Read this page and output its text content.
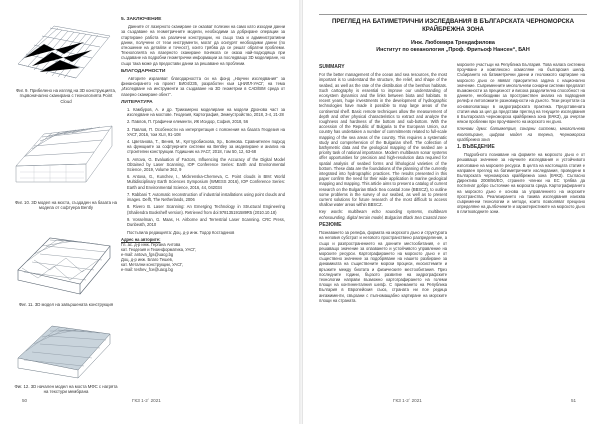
Фиг. 9. Прибелено на изгляд на 3D конструкцията, първоначално сканирана с технологията Point Cloud
Фиг. 10. 3D модел на моста, създаден на базата на модела от софтуера Bently
Фиг. 11. 3D модел на завършената конструкция
Фиг. 12. 3D начален модел на моста МФС с нагрята на текстури мембрана
5. ЗАКЛЮЧЕНИЕ

Данните от лазерното сканиране се оказват полезни на само като изходни данни за създаване на геометричните модели, необходими за добриране операции за стартиране работа на различни конструкции, но също така и административни данни, получени от тези инструменти, могат да осигурят необходими данни (по отношение на детайли и точност), които трябва да се решат обратни проблеми. Технологията на лазерното сканиране понякога се оказа най-подходяща при създаване на подробни геометрични информации за последващо 3D моделиране, но също така може да предостави данни за решаване на проблеми.

БЛАГОДАРНОСТИ

Авторите изразяват благодарността си на фонд „Научни изследвания“ за финансирането на проект БИ04/235, разработен към ЦНИЛЛ-УАСГ, на тема „Изследване на инструменти за създаване на 3D геометрии в CAD/BIM среда от лазерно сканиране обект“.

ЛИТЕРАТУРА

1. Камбуров, А. и др. Триизмерно моделиране на модели Дронова част за изследване на мостове. Геодезия, Картография, Земеустройство, 2018, 3-4, 21-28

2. Павлов, П. Графични елементи, ИК Исидор, София, 2018, 56

3. Павлов, П. Особености на интерпретация с пояснения на базата Геодезия на УАСГ, 2016, том XLII, 91-108

4. Цветанова, Т., Венев, М., Културобискова, Хр., Боянова. Сравнителен подход на функциите за софтуерните системи на Bentley за моделиране и анализ на строителни конструкции. Годишник на УАСГ, 2018, том 50, 12, 63-68

5. Antova, G. Evaluation of Factors, Influencing the Accuracy of the Digital Model Obtained by Laser Scanning, IOP Conference Series: Earth and Environmental Science, 2019, Volume 362, 9

6. Antova, G., Kunchev, I., Mickrenska-Cherneva, C. Point clouds in BIM: World Multidisciplinary Earth Sciences Symposium (WMESS 2016), IOP Conference Series: Earth and Environmental Science, 2016, 44, 042034

7. Rabbani T. Automatic reconstruction of industrial installations using point clouds and images. Delft, The Netherlands, 2006

8. Rivero B. Laser Scanning: An Emerging Technology in Structural Engineering (Shailendra Bookshelf version). Retrieved from doi:978135191589R5 (2010.10.18)

9. Vosselman, G. Maas, H. Airborne and Terrestrial Laser Scanning. CRC Press, Dunbeath, 2010

Постъпила редакцията: Доц. д-р инж. Тодор Костадинов

Адрес на авторите:
Гл. ас. д-р инж. Гергана Антова
кат. Геодезия и Геоинформатика, УАСГ,
e-mail: antova_fgs@uacg.bg
Доц. д-р инж. Благо Тешев,
кат. Метални конструкции, УАСГ,
e-mail: teshev_fce@uacg.bg
50	ГКЗ 1-2` 2021
ПРЕГЛЕД НА БАТИМЕТРИЧНИ ИЗСЛЕДВАНИЯ В БЪЛГАРСКАТА ЧЕРНОМОРСКА КРАЙБРЕЖНА ЗОНА
Инж. Любомира Трендафилова
Институт по океанология „Проф. Фритьоф Нансен“, БАН
SUMMARY

For the better management of the ocean and sea resources, the most important is to understand the structure, the relief, and shape of the seabed, as well as the rate of the distribution of the benthos habitats. Such cartography is essential to improve our understanding of ecosystem dynamics and the links between biota and habitats. In recent years, huge investments in the development of hydrographic technologies have made it possible to map large areas of the continental shelf. Basic remote techniques allow the measurement of depth and other physical characteristics to extract and analyze the roughness and hardness of the bottom and sub-bottom. With the accession of the Republic of Bulgaria to the European Union, our country has undertaken a number of commitments related to full-scale mapping of the sea areas of the country. This requires a systematic study and comprehension of the Bulgarian shelf. The collection of bathymetric data and the geological mapping of the seabed are a priority task of national importance. Modern multibeam sonar systems offer opportunities for precision and high-resolution data required for spatial analysis of seabed forms and lithological varieties of the bottom. These data are the foundations of the planning of the currently integrated into hydrographic practices. The results presented in this paper confirm the need for their wide application in marine geological mapping and mapping. This article aims to present a catalog of current research on the Bulgarian Black Sea coastal zone (BBSCZ), to outline some problems in the survey of our seabed, as well as to present current solutions for future research of the most difficult to access shallow water areas within BBSCZ.

Key words: multibeam echo sounding systems, multibeam echosounding, digital terrain model, Bulgarian Black Sea Coastal zone

РЕЗЮМЕ

Познаването за релефа, формата на морското дъно и структурата на неговия субстрат и неговото пространствено разпределение, а също и разпространението на донните местообитания, е от решаващо значение за опазването и устойчивото управление на морските ресурси. Картографирането на морското дъно е от съществено значение за подобряване на нашето разбиране за динамиката на съществените морски процеси, екосистемите и връзките между биотата и физическите местообитания. През последните години, бързото развитие на хидрографските технологии направи възможно картографирането на големи площи на континенталния шелф. С приемането на Република България в Европейския съюз, страната ни пое редица ангажименти, свързани с пълномащабно картиране на морските площи на страната.

морските участъци на Република България. Това налага системно проучване и комплексно осмисляне на българския шелф. Събирането на батиметрични данни и геоложкото картиране на морското дъно се явяват приоритетна задача с национално значение. Съвременните многолъчеви сонарни системи предлагат възможности за прецизност и висока разделителна способност на данните, необходими за пространствен анализ на подводния релеф и литоложките разновидности на дъното. Тези резултати са основополагащи в хидрографската практика. Представената статия има за цел да представи преглед на текущите изследвания в Българската черноморска крайбрежна зона (БЧКЗ), да очертае някои проблеми при проучването на морското ни дъно.

Ключови думи: батиметрия, сонарни системи, многолъчево ехолотиране, цифров модел на терена, Черноморска крайбрежна зона

1. ВЪВЕДЕНИЕ

Подробното познаване на формите на морското дъно е от решаващо значение за научните изследвания и устойчивото използване на морските ресурси. В целта на настоящата статия е направен преглед на батиметричните изследвания, проведени в Българската черноморска крайбрежна зона (БЧКЗ). Съгласно Директива 2008/56/ЕО, страните членки на ЕС трябва да постигнат добро състояние на морската среда. Картографирането на морското дъно е основа за управлението на морските пространства. Реализирането на такива изследвания изисква съвременни технологии и методи, които позволяват прецизно определяне на дълбочините и характеристиките на морското дъно в плитководните зони.

ГКЗ 1-2` 2021	51
